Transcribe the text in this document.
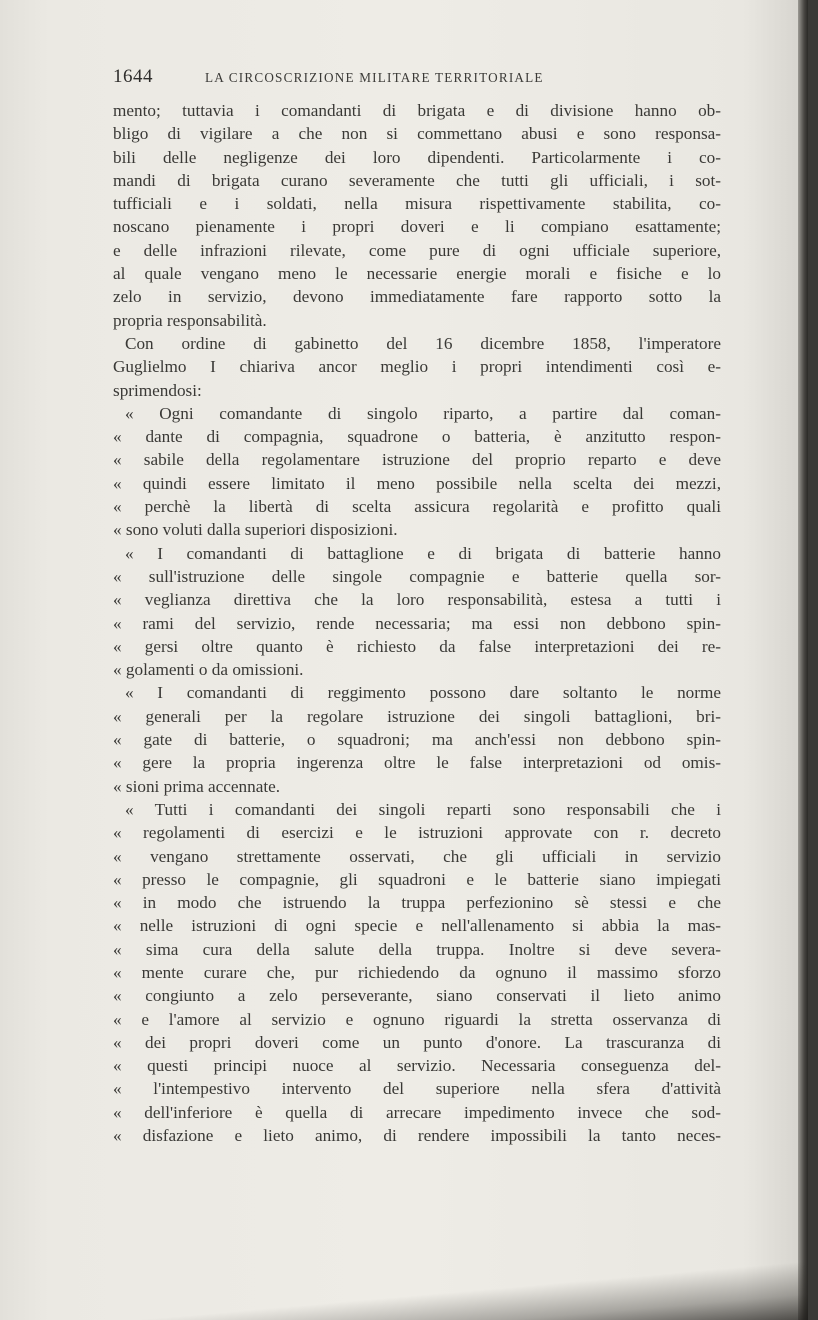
1644	LA CIRCOSCRIZIONE MILITARE TERRITORIALE
mento; tuttavia i comandanti di brigata e di divisione hanno ob-
bligo di vigilare a che non si commettano abusi e sono responsa-
bili delle negligenze dei loro dipendenti. Particolarmente i co-
mandi di brigata curano severamente che tutti gli ufficiali, i sot-
tufficiali e i soldati, nella misura rispettivamente stabilita, co-
noscano pienamente i propri doveri e li compiano esattamente;
e delle infrazioni rilevate, come pure di ogni ufficiale superiore,
al quale vengano meno le necessarie energie morali e fisiche e lo
zelo in servizio, devono immediatamente fare rapporto sotto la
propria responsabilità.
Con ordine di gabinetto del 16 dicembre 1858, l'imperatore
Guglielmo I chiariva ancor meglio i propri intendimenti così e-
sprimendosi:
« Ogni comandante di singolo riparto, a partire dal coman-
« dante di compagnia, squadrone o batteria, è anzitutto respon-
« sabile della regolamentare istruzione del proprio reparto e deve
« quindi essere limitato il meno possibile nella scelta dei mezzi,
« perchè la libertà di scelta assicura regolarità e profitto quali
« sono voluti dalla superiori disposizioni.
« I comandanti di battaglione e di brigata di batterie hanno
« sull'istruzione delle singole compagnie e batterie quella sor-
« veglianza direttiva che la loro responsabilità, estesa a tutti i
« rami del servizio, rende necessaria; ma essi non debbono spin-
« gersi oltre quanto è richiesto da false interpretazioni dei re-
« golamenti o da omissioni.
« I comandanti di reggimento possono dare soltanto le norme
« generali per la regolare istruzione dei singoli battaglioni, bri-
« gate di batterie, o squadroni; ma anch'essi non debbono spin-
« gere la propria ingerenza oltre le false interpretazioni od omis-
« sioni prima accennate.
« Tutti i comandanti dei singoli reparti sono responsabili che i
« regolamenti di esercizi e le istruzioni approvate con r. decreto
« vengano strettamente osservati, che gli ufficiali in servizio
« presso le compagnie, gli squadroni e le batterie siano impiegati
« in modo che istruendo la truppa perfezionino sè stessi e che
« nelle istruzioni di ogni specie e nell'allenamento si abbia la mas-
« sima cura della salute della truppa. Inoltre si deve severa-
« mente curare che, pur richiedendo da ognuno il massimo sforzo
« congiunto a zelo perseverante, siano conservati il lieto animo
« e l'amore al servizio e ognuno riguardi la stretta osservanza di
« dei propri doveri come un punto d'onore. La trascuranza di
« questi principi nuoce al servizio. Necessaria conseguenza del-
« l'intempestivo intervento del superiore nella sfera d'attività
« dell'inferiore è quella di arrecare impedimento invece che sod-
« disfazione e lieto animo, di rendere impossibili la tanto neces-
